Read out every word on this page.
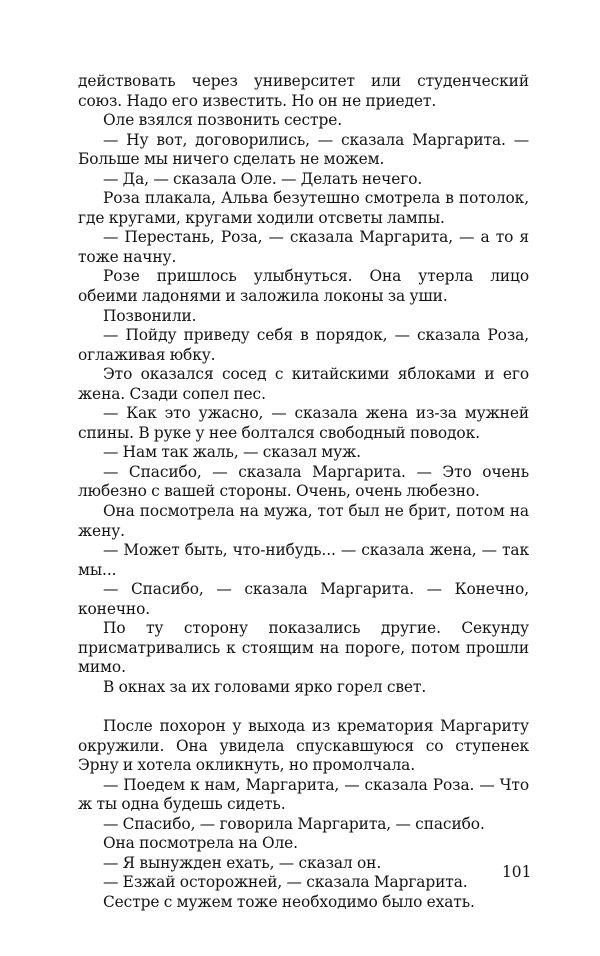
действовать через университет или студенческий союз. Надо его известить. Но он не приедет.

Оле взялся позвонить сестре.

— Ну вот, договорились, — сказала Маргарита. — Больше мы ничего сделать не можем.

— Да, — сказала Оле. — Делать нечего.

Роза плакала, Альва безутешно смотрела в потолок, где кругами, кругами ходили отсветы лампы.

— Перестань, Роза, — сказала Маргарита, — а то я тоже начну.

Розе пришлось улыбнуться. Она утерла лицо обеими ладонями и заложила локоны за уши.

Позвонили.

— Пойду приведу себя в порядок, — сказала Роза, оглаживая юбку.

Это оказался сосед с китайскими яблоками и его жена. Сзади сопел пес.

— Как это ужасно, — сказала жена из-за мужней спины. В руке у нее болтался свободный поводок.

— Нам так жаль, — сказал муж.

— Спасибо, — сказала Маргарита. — Это очень любезно с вашей стороны. Очень, очень любезно.

Она посмотрела на мужа, тот был не брит, потом на жену.

— Может быть, что-нибудь... — сказала жена, — так мы...

— Спасибо, — сказала Маргарита. — Конечно, конечно.

По ту сторону показались другие. Секунду присматривались к стоящим на пороге, потом прошли мимо.

В окнах за их головами ярко горел свет.

После похорон у выхода из крематория Маргариту окружили. Она увидела спускавшуюся со ступенек Эрну и хотела окликнуть, но промолчала.

— Поедем к нам, Маргарита, — сказала Роза. — Что ж ты одна будешь сидеть.

— Спасибо, — говорила Маргарита, — спасибо.

Она посмотрела на Оле.

— Я вынужден ехать, — сказал он.

— Езжай осторожней, — сказала Маргарита.

Сестре с мужем тоже необходимо было ехать.

101
